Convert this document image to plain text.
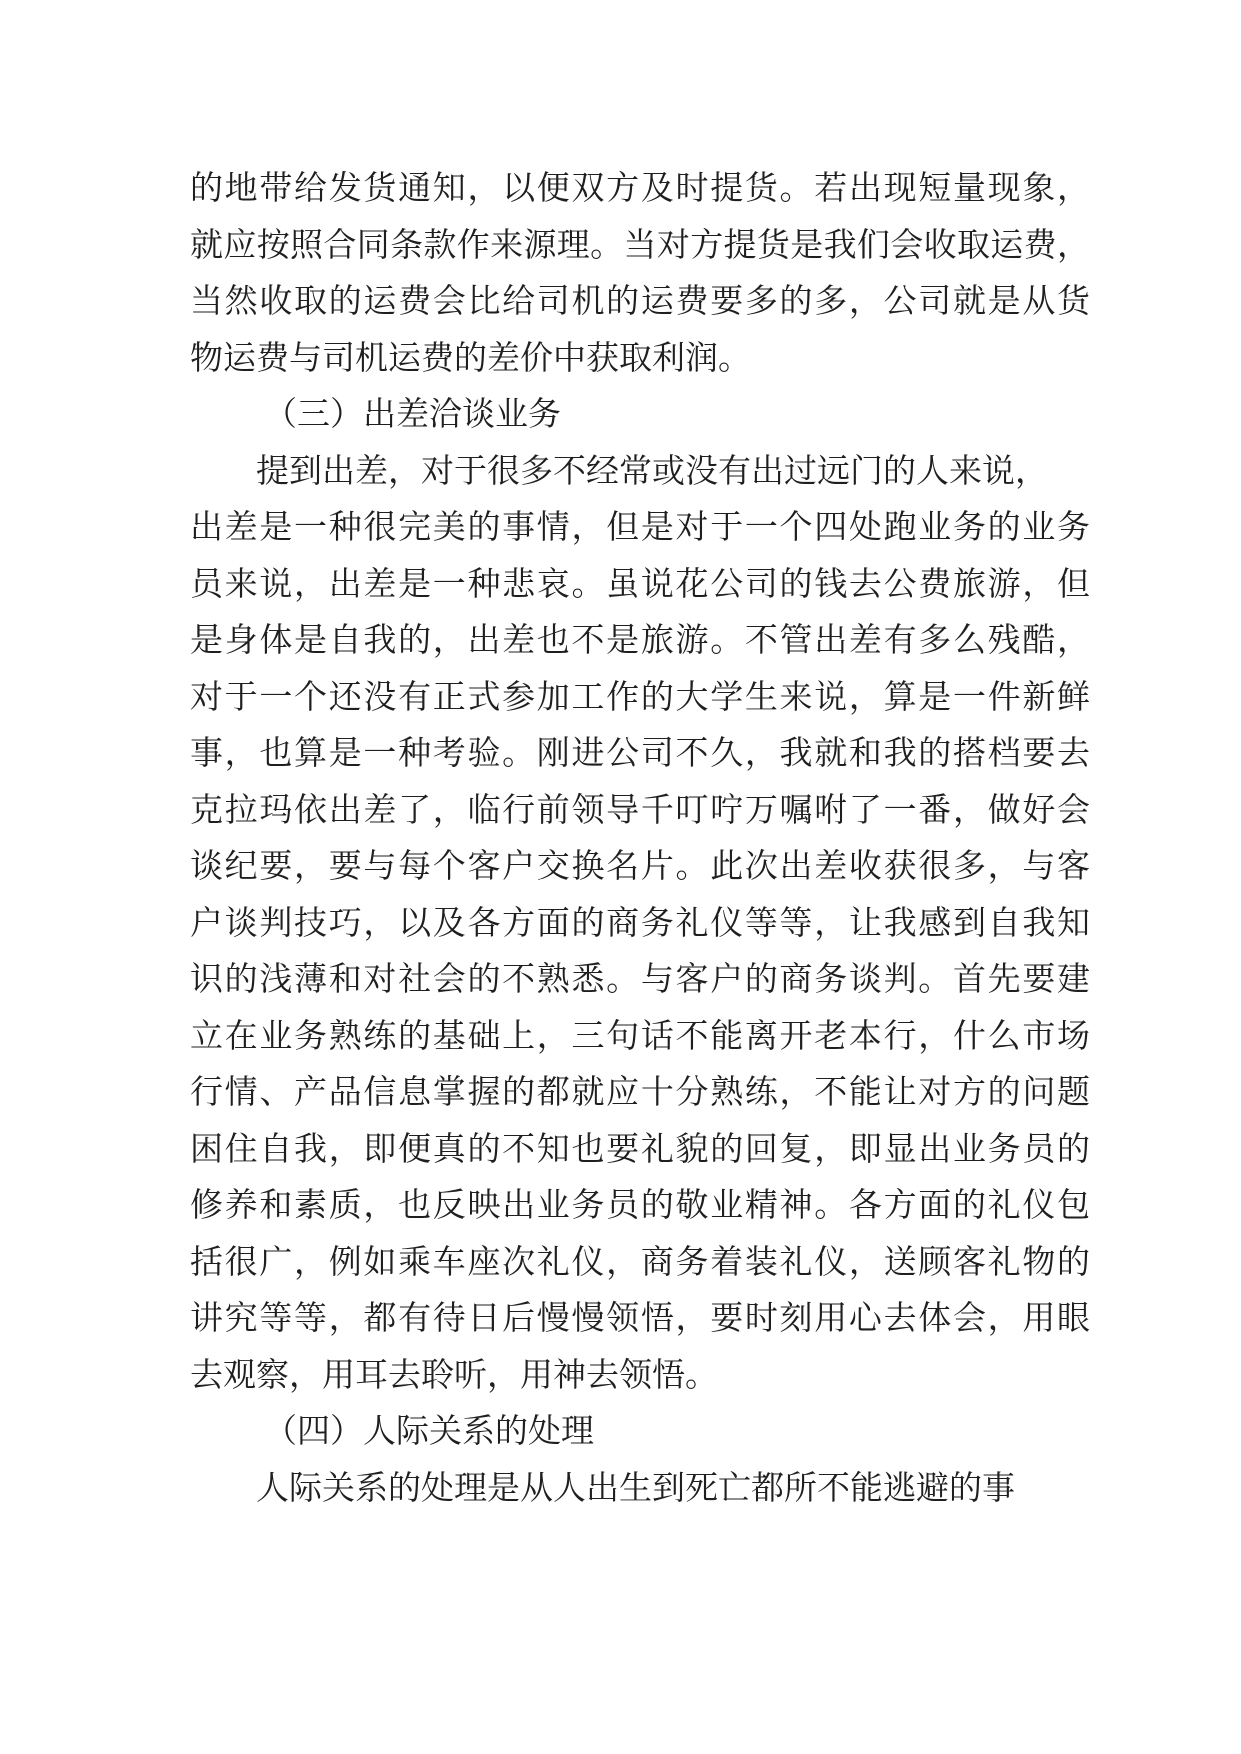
的地带给发货通知，以便双方及时提货。若出现短量现象，
就应按照合同条款作来源理。当对方提货是我们会收取运费，
当然收取的运费会比给司机的运费要多的多，公司就是从货
物运费与司机运费的差价中获取利润。
（三）出差洽谈业务
提到出差，对于很多不经常或没有出过远门的人来说，
出差是一种很完美的事情，但是对于一个四处跑业务的业务
员来说，出差是一种悲哀。虽说花公司的钱去公费旅游，但
是身体是自我的，出差也不是旅游。不管出差有多么残酷，
对于一个还没有正式参加工作的大学生来说，算是一件新鲜
事，也算是一种考验。刚进公司不久，我就和我的搭档要去
克拉玛依出差了，临行前领导千叮咛万嘱咐了一番，做好会
谈纪要，要与每个客户交换名片。此次出差收获很多，与客
户谈判技巧，以及各方面的商务礼仪等等，让我感到自我知
识的浅薄和对社会的不熟悉。与客户的商务谈判。首先要建
立在业务熟练的基础上，三句话不能离开老本行，什么市场
行情、产品信息掌握的都就应十分熟练，不能让对方的问题
困住自我，即便真的不知也要礼貌的回复，即显出业务员的
修养和素质，也反映出业务员的敬业精神。各方面的礼仪包
括很广，例如乘车座次礼仪，商务着装礼仪，送顾客礼物的
讲究等等，都有待日后慢慢领悟，要时刻用心去体会，用眼
去观察，用耳去聆听，用神去领悟。
（四）人际关系的处理
人际关系的处理是从人出生到死亡都所不能逃避的事
